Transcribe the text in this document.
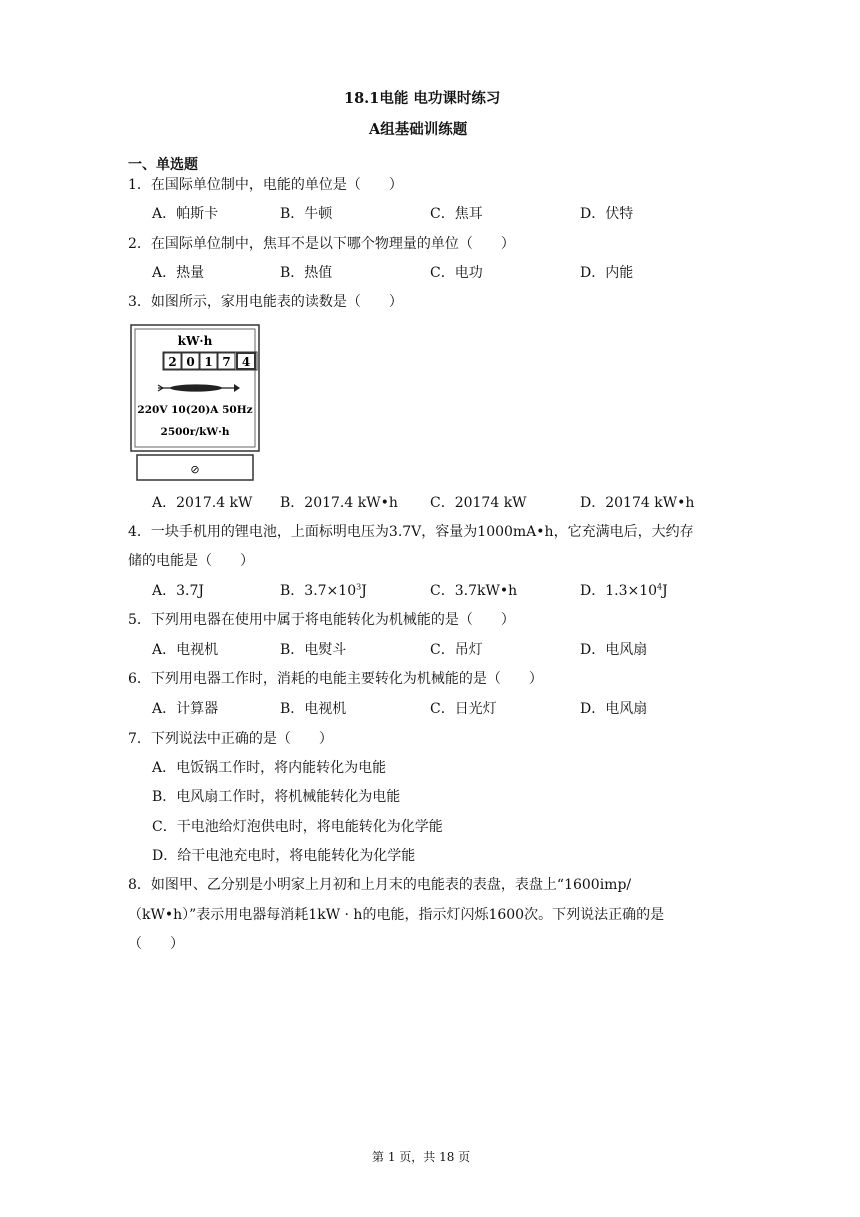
18.1电能 电功课时练习
A组基础训练题
一、单选题
1．在国际单位制中，电能的单位是（　　）
A．帕斯卡	B．牛顿	C．焦耳	D．伏特
2．在国际单位制中，焦耳不是以下哪个物理量的单位（　　）
A．热量	B．热值	C．电功	D．内能
3．如图所示，家用电能表的读数是（　　）
kW·h
2 0 1 7 4
220V 10(20)A 50Hz
2500r/kW·h
⊘
A．2017.4 kW B．2017.4 kW•h C．20174 kW	D．20174 kW•h
4．一块手机用的锂电池，上面标明电压为3.7V，容量为1000mA•h，它充满电后，大约存
储的电能是（　　）
A．3.7J	B．$3.7\times 10^3J$	C．3.7kW•h	D．$1.3\times 10^4J$
5．下列用电器在使用中属于将电能转化为机械能的是（　　）
A．电视机	B．电熨斗	C．吊灯	D．电风扇
6．下列用电器工作时，消耗的电能主要转化为机械能的是（　　）
A．计算器	B．电视机	C．日光灯	D．电风扇
7．下列说法中正确的是（　　）
A．电饭锅工作时，将内能转化为电能
B．电风扇工作时，将机械能转化为电能
C．干电池给灯泡供电时，将电能转化为化学能
D．给干电池充电时，将电能转化为化学能
8．如图甲、乙分别是小明家上月初和上月末的电能表的表盘，表盘上“1600imp/
（kW•h）”表示用电器每消耗1kW · h的电能，指示灯闪烁1600次。下列说法正确的是
（　　）
第 1 页，共 18 页
